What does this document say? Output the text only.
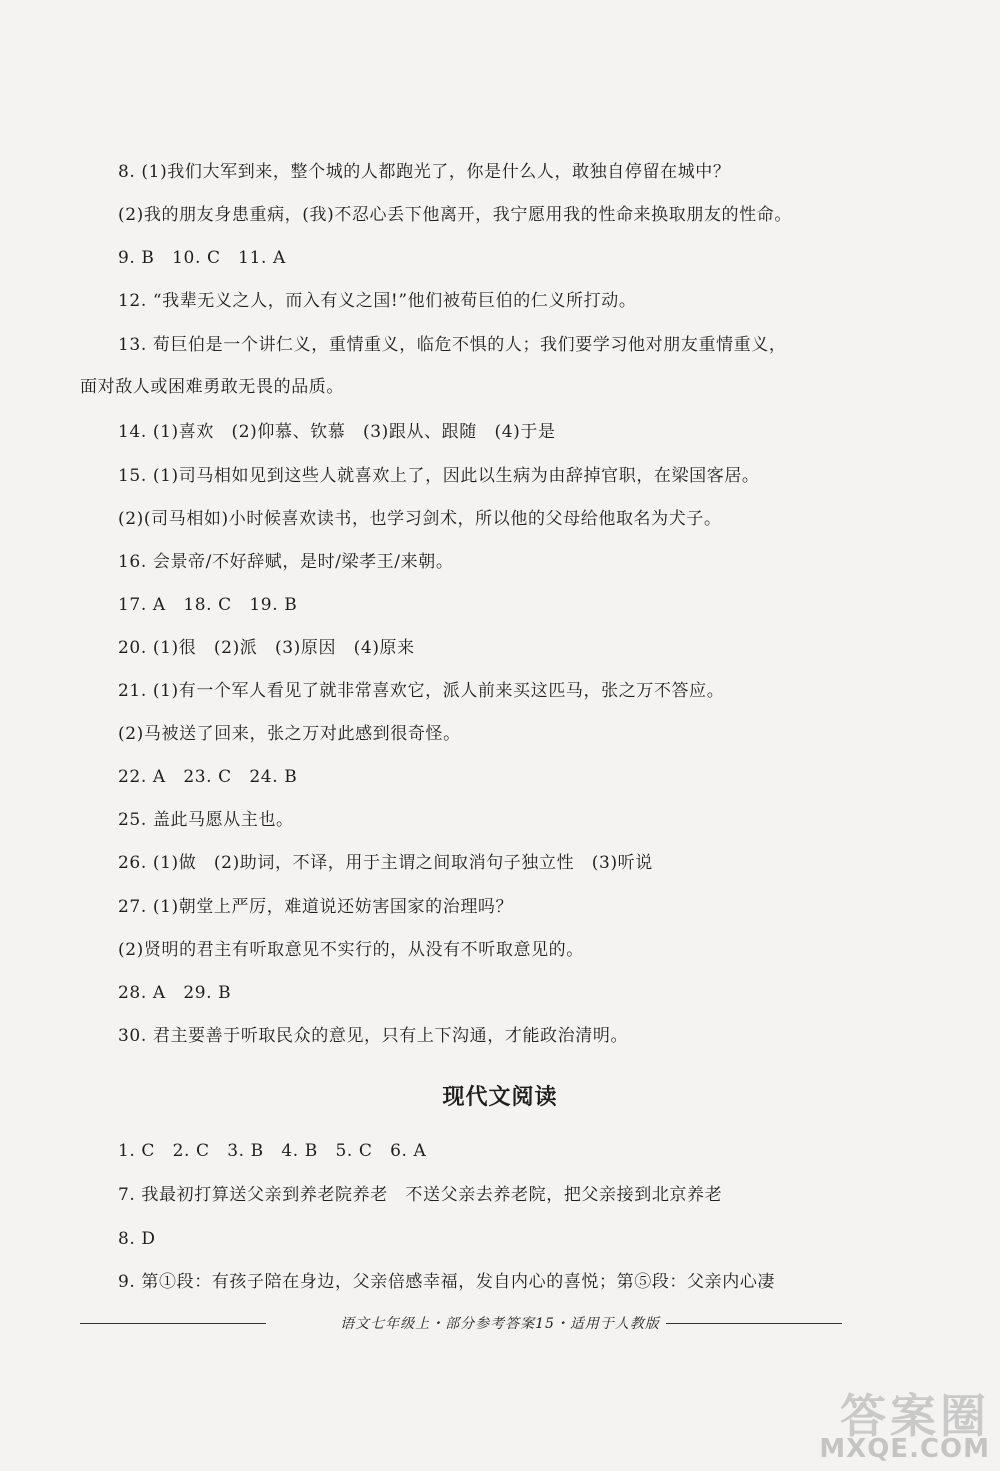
8. (1)我们大军到来，整个城的人都跑光了，你是什么人，敢独自停留在城中？
(2)我的朋友身患重病，(我)不忍心丢下他离开，我宁愿用我的性命来换取朋友的性命。
9. B　10. C　11. A
12. “我辈无义之人，而入有义之国!”他们被荀巨伯的仁义所打动。
13. 荀巨伯是一个讲仁义，重情重义，临危不惧的人；我们要学习他对朋友重情重义，
面对敌人或困难勇敢无畏的品质。
14. (1)喜欢　(2)仰慕、钦慕　(3)跟从、跟随　(4)于是
15. (1)司马相如见到这些人就喜欢上了，因此以生病为由辞掉官职，在梁国客居。
(2)(司马相如)小时候喜欢读书，也学习剑术，所以他的父母给他取名为犬子。
16. 会景帝/不好辞赋，是时/梁孝王/来朝。
17. A　18. C　19. B
20. (1)很　(2)派　(3)原因　(4)原来
21. (1)有一个军人看见了就非常喜欢它，派人前来买这匹马，张之万不答应。
(2)马被送了回来，张之万对此感到很奇怪。
22. A　23. C　24. B
25. 盖此马愿从主也。
26. (1)做　(2)助词，不译，用于主谓之间取消句子独立性　(3)听说
27. (1)朝堂上严厉，难道说还妨害国家的治理吗？
(2)贤明的君主有听取意见不实行的，从没有不听取意见的。
28. A　29. B
30. 君主要善于听取民众的意见，只有上下沟通，才能政治清明。
现代文阅读
1. C　2. C　3. B　4. B　5. C　6. A
7. 我最初打算送父亲到养老院养老　不送父亲去养老院，把父亲接到北京养老
8. D
9. 第①段：有孩子陪在身边，父亲倍感幸福，发自内心的喜悦；第⑤段：父亲内心凄
语文七年级上・部分参考答案15・适用于人教版
答案圈
MXQE.COM
